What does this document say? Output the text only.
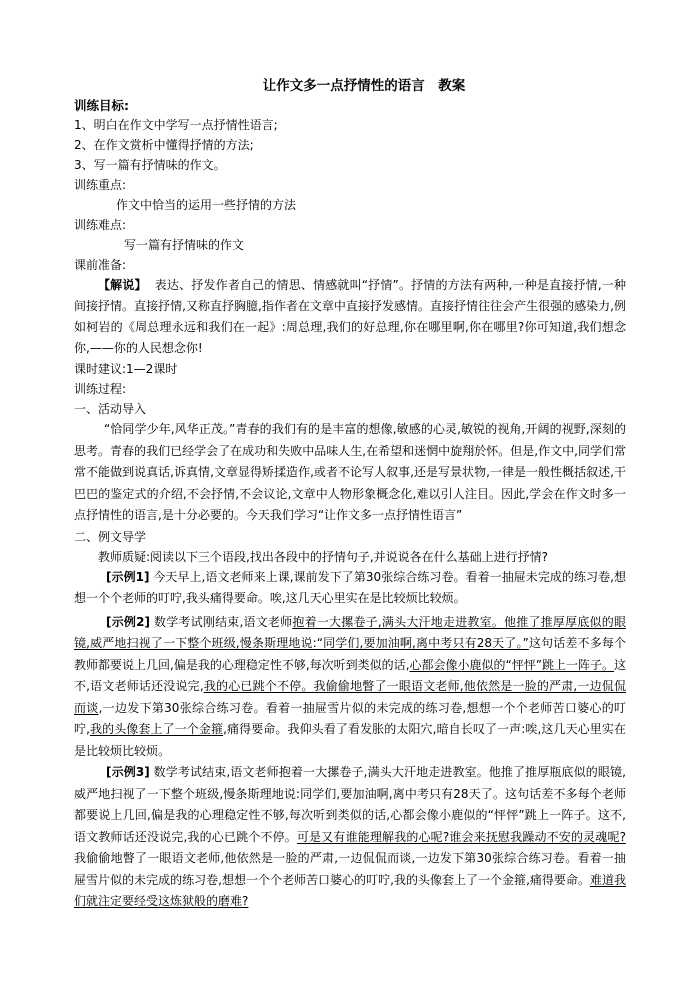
让作文多一点抒情性的语言　教案
训练目标:
1、明白在作文中学写一点抒情性语言;
2、在作文赏析中懂得抒情的方法;
3、写一篇有抒情味的作文。
训练重点:
作文中恰当的运用一些抒情的方法
训练难点:
写一篇有抒情味的作文
课前准备:
【解说】 表达、抒发作者自己的情思、情感就叫“抒情”。抒情的方法有两种,一种是直接抒情,一种间接抒情。直接抒情,又称直抒胸臆,指作者在文章中直接抒发感情。直接抒情往往会产生很强的感染力,例如柯岩的《周总理永远和我们在一起》:周总理,我们的好总理,你在哪里啊,你在哪里?你可知道,我们想念你,——你的人民想念你!
课时建议:1—2课时
训练过程:
一、活动导入
“恰同学少年,风华正茂。”青春的我们有的是丰富的想像,敏感的心灵,敏锐的视角,开阔的视野,深刻的思考。青春的我们已经学会了在成功和失败中品味人生,在希望和迷惘中旋翔於怀。但是,作文中,同学们常常不能做到说真话,诉真情,文章显得矫揉造作,或者不论写人叙事,还是写景状物,一律是一般性概括叙述,干巴巴的鉴定式的介绍,不会抒情,不会议论,文章中人物形象概念化,难以引人注目。因此,学会在作文时多一点抒情性的语言,是十分必要的。今天我们学习“让作文多一点抒情性语言”
二、例文导学
教师质疑:阅读以下三个语段,找出各段中的抒情句子,并说说各在什么基础上进行抒情?
[示例1] 今天早上,语文老师来上课,课前发下了第30张综合练习卷。看着一抽屉未完成的练习卷,想想一个个老师的叮咛,我头痛得要命。唉,这几天心里实在是比较烦比较烦。
[示例2] 数学考试刚结束,语文老师抱着一大摞卷子,满头大汗地走进教室。他推了推厚厚底似的眼镜,威严地扫视了一下整个班级,慢条斯理地说:“同学们,要加油啊,离中考只有28天了。”这句话差不多每个教师都要说上几回,偏是我的心理稳定性不够,每次听到类似的话,心都会像小鹿似的“怦怦”跳上一阵子。这不,语文老师话还没说完,我的心已跳个不停。我偷偷地瞥了一眼语文老师,他依然是一脸的严肃,一边侃侃而谈,一边发下第30张综合练习卷。看着一抽屉雪片似的未完成的练习卷,想想一个个老师苦口婆心的叮咛,我的头像套上了一个金箍,痛得要命。我仰头看了看发胀的太阳穴,暗自长叹了一声:唉,这几天心里实在是比较烦比较烦。
[示例3] 数学考试结束,语文老师抱着一大摞卷子,满头大汗地走进教室。他推了推厚瓶底似的眼镜,威严地扫视了一下整个班级,慢条斯理地说:同学们,要加油啊,离中考只有28天了。这句话差不多每个老师都要说上几回,偏是我的心理稳定性不够,每次听到类似的话,心都会像小鹿似的“怦怦”跳上一阵子。这不,语文教师话还没说完,我的心已跳个不停。可是又有谁能理解我的心呢?谁会来抚慰我躁动不安的灵魂呢?我偷偷地瞥了一眼语文老师,他依然是一脸的严肃,一边侃侃而谈,一边发下第30张综合练习卷。看着一抽屉雪片似的未完成的练习卷,想想一个个老师苦口婆心的叮咛,我的头像套上了一个金箍,痛得要命。难道我们就注定要经受这炼狱般的磨难?
